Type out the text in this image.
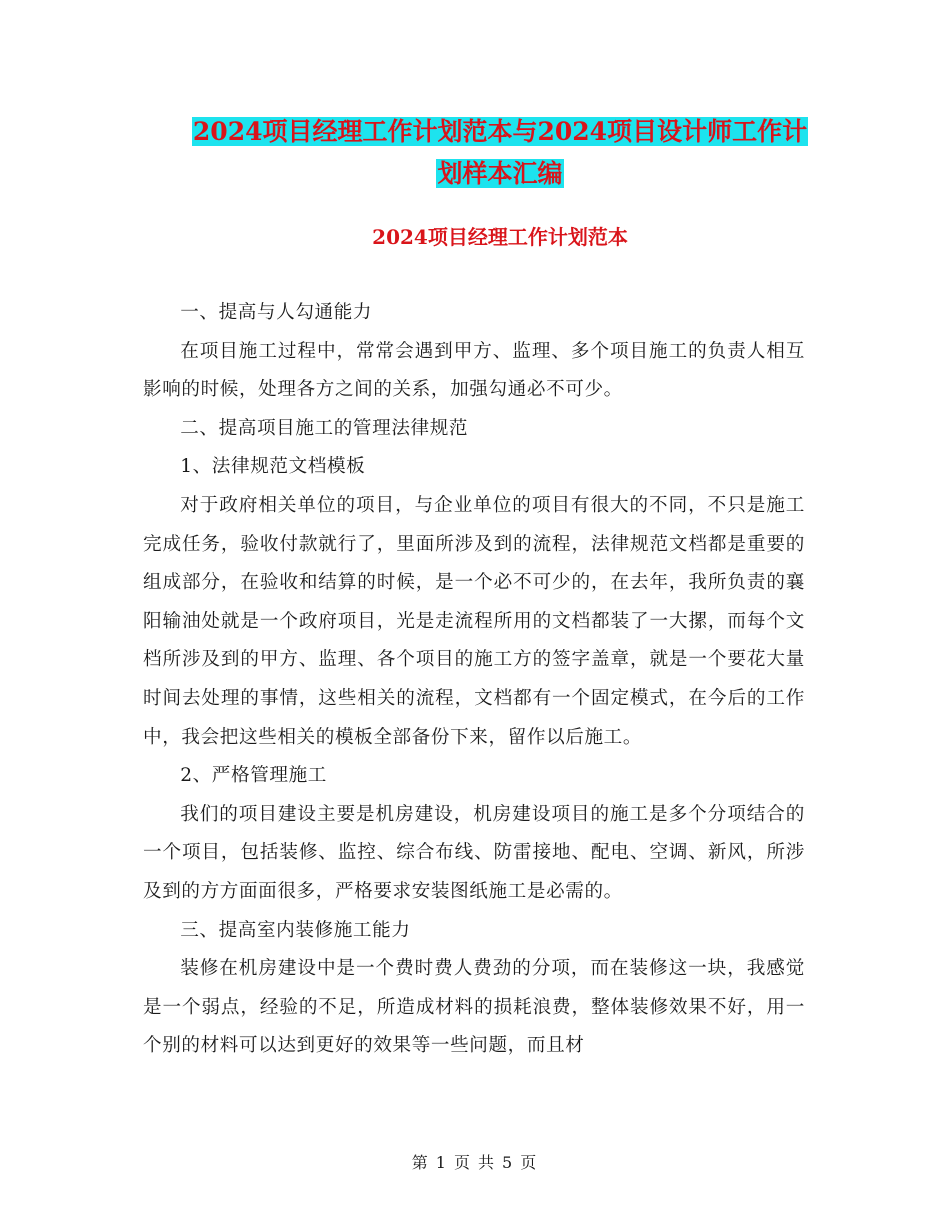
2024项目经理工作计划范本与2024项目设计师工作计
划样本汇编
2024项目经理工作计划范本

一、提高与人勾通能力

在项目施工过程中，常常会遇到甲方、监理、多个项目施工的负责人相互影响的时候，处理各方之间的关系，加强勾通必不可少。

二、提高项目施工的管理法律规范

1、法律规范文档模板

对于政府相关单位的项目，与企业单位的项目有很大的不同，不只是施工完成任务，验收付款就行了，里面所涉及到的流程，法律规范文档都是重要的组成部分，在验收和结算的时候，是一个必不可少的，在去年，我所负责的襄阳输油处就是一个政府项目，光是走流程所用的文档都装了一大摞，而每个文档所涉及到的甲方、监理、各个项目的施工方的签字盖章，就是一个要花大量时间去处理的事情，这些相关的流程，文档都有一个固定模式，在今后的工作中，我会把这些相关的模板全部备份下来，留作以后施工。

2、严格管理施工

我们的项目建设主要是机房建设，机房建设项目的施工是多个分项结合的一个项目，包括装修、监控、综合布线、防雷接地、配电、空调、新风，所涉及到的方方面面很多，严格要求安装图纸施工是必需的。

三、提高室内装修施工能力

装修在机房建设中是一个费时费人费劲的分项，而在装修这一块，我感觉是一个弱点，经验的不足，所造成材料的损耗浪费，整体装修效果不好，用一个别的材料可以达到更好的效果等一些问题，而且材

第 1 页 共 5 页
